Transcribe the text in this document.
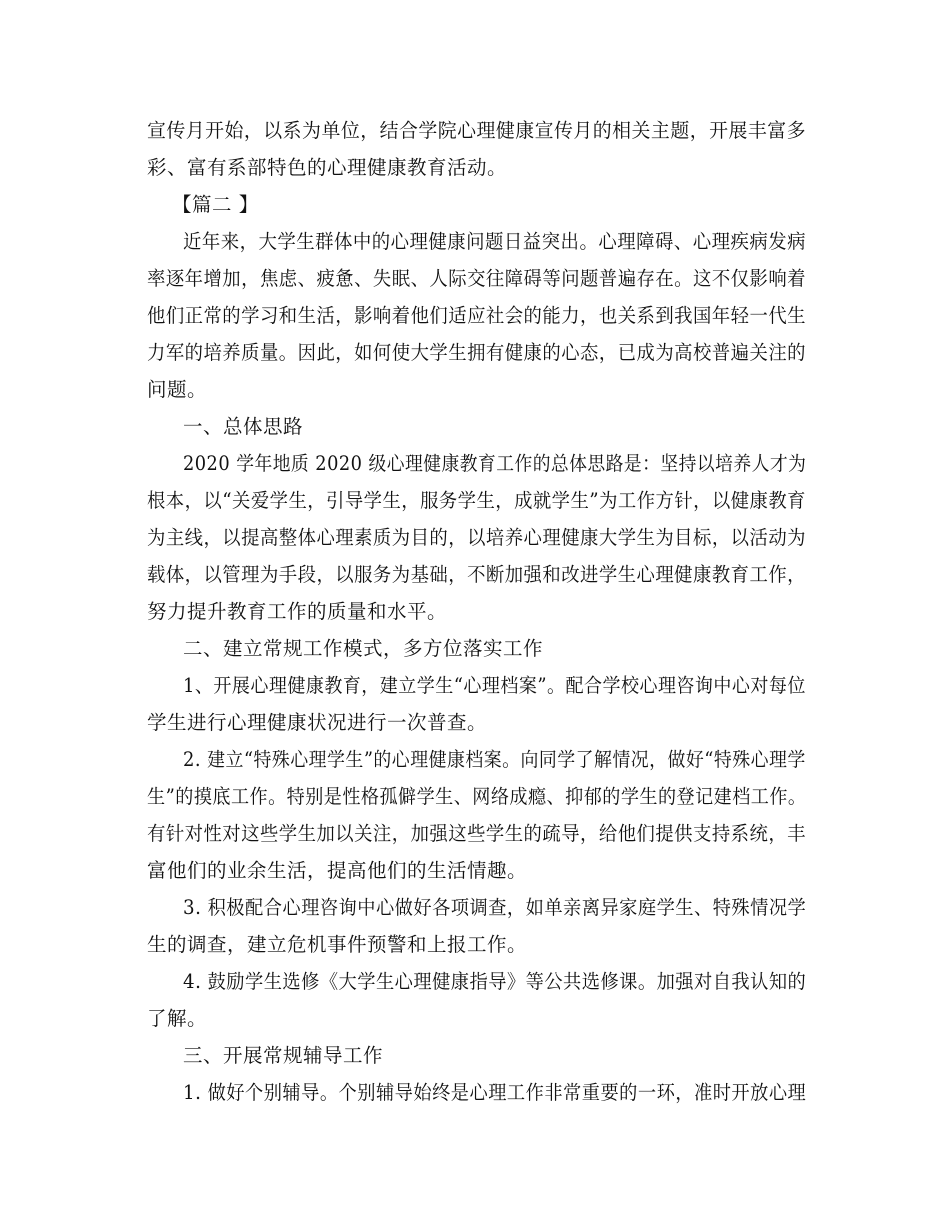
宣传月开始，以系为单位，结合学院心理健康宣传月的相关主题，开展丰富多
彩、富有系部特色的心理健康教育活动。
【篇二 】
近年来，大学生群体中的心理健康问题日益突出。心理障碍、心理疾病发病
率逐年增加，焦虑、疲惫、失眠、人际交往障碍等问题普遍存在。这不仅影响着
他们正常的学习和生活，影响着他们适应社会的能力，也关系到我国年轻一代生
力军的培养质量。因此，如何使大学生拥有健康的心态，已成为高校普遍关注的
问题。
一、总体思路
2020 学年地质 2020 级心理健康教育工作的总体思路是：坚持以培养人才为
根本，以“关爱学生，引导学生，服务学生，成就学生”为工作方针，以健康教育
为主线，以提高整体心理素质为目的，以培养心理健康大学生为目标，以活动为
载体，以管理为手段，以服务为基础，不断加强和改进学生心理健康教育工作，
努力提升教育工作的质量和水平。
二、建立常规工作模式，多方位落实工作
1、开展心理健康教育，建立学生“心理档案”。配合学校心理咨询中心对每位
学生进行心理健康状况进行一次普查。
2. 建立“特殊心理学生”的心理健康档案。向同学了解情况，做好“特殊心理学
生”的摸底工作。特别是性格孤僻学生、网络成瘾、抑郁的学生的登记建档工作。
有针对性对这些学生加以关注，加强这些学生的疏导，给他们提供支持系统，丰
富他们的业余生活，提高他们的生活情趣。
3. 积极配合心理咨询中心做好各项调查，如单亲离异家庭学生、特殊情况学
生的调查，建立危机事件预警和上报工作。
4. 鼓励学生选修《大学生心理健康指导》等公共选修课。加强对自我认知的
了解。
三、开展常规辅导工作
1. 做好个别辅导。个别辅导始终是心理工作非常重要的一环，准时开放心理
